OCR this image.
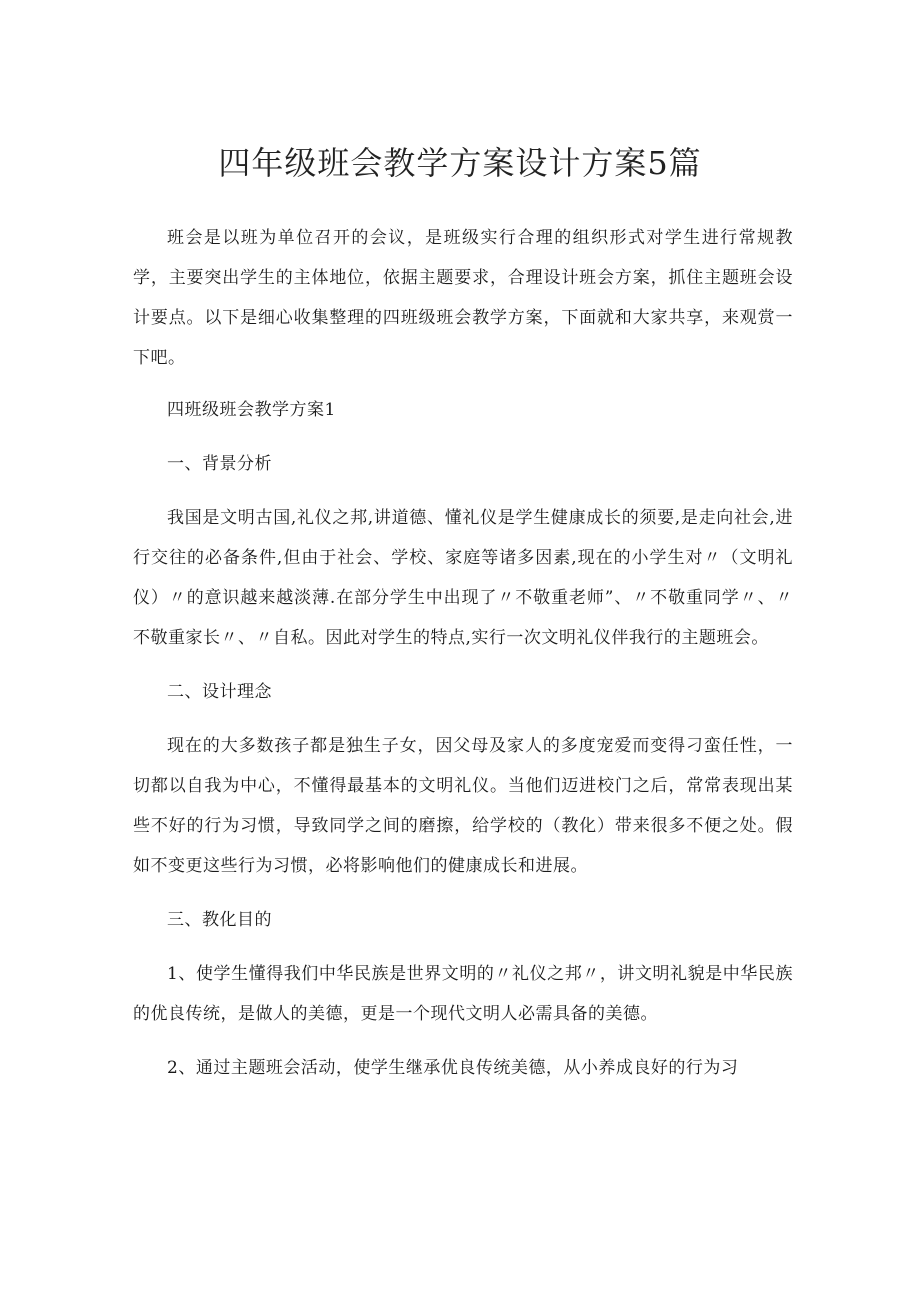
四年级班会教学方案设计方案5篇

班会是以班为单位召开的会议，是班级实行合理的组织形式对学生进行常规教学，主要突出学生的主体地位，依据主题要求，合理设计班会方案，抓住主题班会设计要点。以下是细心收集整理的四班级班会教学方案，下面就和大家共享，来观赏一下吧。

四班级班会教学方案1

一、背景分析

我国是文明古国,礼仪之邦,讲道德、懂礼仪是学生健康成长的须要,是走向社会,进行交往的必备条件,但由于社会、学校、家庭等诸多因素,现在的小学生对〃（文明礼仪）〃的意识越来越淡薄.在部分学生中出现了〃不敬重老师”、〃不敬重同学〃、〃不敬重家长〃、〃自私。因此对学生的特点,实行一次文明礼仪伴我行的主题班会。

二、设计理念

现在的大多数孩子都是独生子女，因父母及家人的多度宠爱而变得刁蛮任性，一切都以自我为中心，不懂得最基本的文明礼仪。当他们迈进校门之后，常常表现出某些不好的行为习惯，导致同学之间的磨擦，给学校的（教化）带来很多不便之处。假如不变更这些行为习惯，必将影响他们的健康成长和进展。

三、教化目的

1、使学生懂得我们中华民族是世界文明的〃礼仪之邦〃，讲文明礼貌是中华民族的优良传统，是做人的美德，更是一个现代文明人必需具备的美德。

2、通过主题班会活动，使学生继承优良传统美德，从小养成良好的行为习
